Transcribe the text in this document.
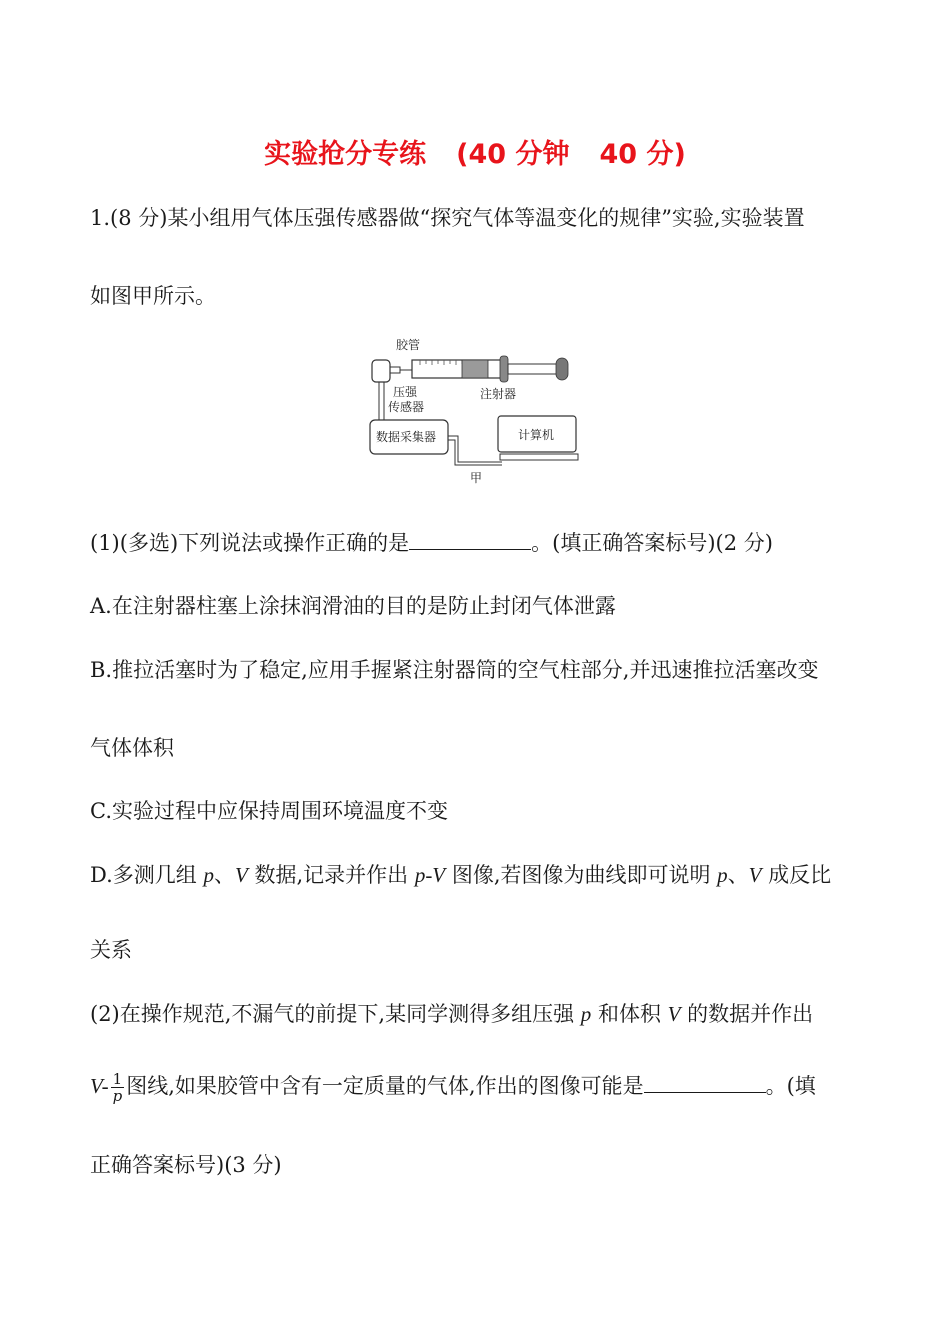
实验抢分专练 (40 分钟 40 分)
1.(8 分)某小组用气体压强传感器做“探究气体等温变化的规律”实验,实验装置
如图甲所示。
胶管
压强
传感器
注射器
数据采集器	计算机
甲
(1)(多选)下列说法或操作正确的是	。(填正确答案标号)(2 分)
A.在注射器柱塞上涂抹润滑油的目的是防止封闭气体泄露
B.推拉活塞时为了稳定,应用手握紧注射器筒的空气柱部分,并迅速推拉活塞改变
气体体积
C.实验过程中应保持周围环境温度不变
D.多测几组 p、V 数据,记录并作出 p-V 图像,若图像为曲线即可说明 p、V 成反比
关系
(2)在操作规范,不漏气的前提下,某同学测得多组压强 p 和体积 V 的数据并作出
$V- \frac{1}{p}$ 图线,如果胶管中含有一定质量的气体,作出的图像可能是	。(填
正确答案标号)(3 分)
